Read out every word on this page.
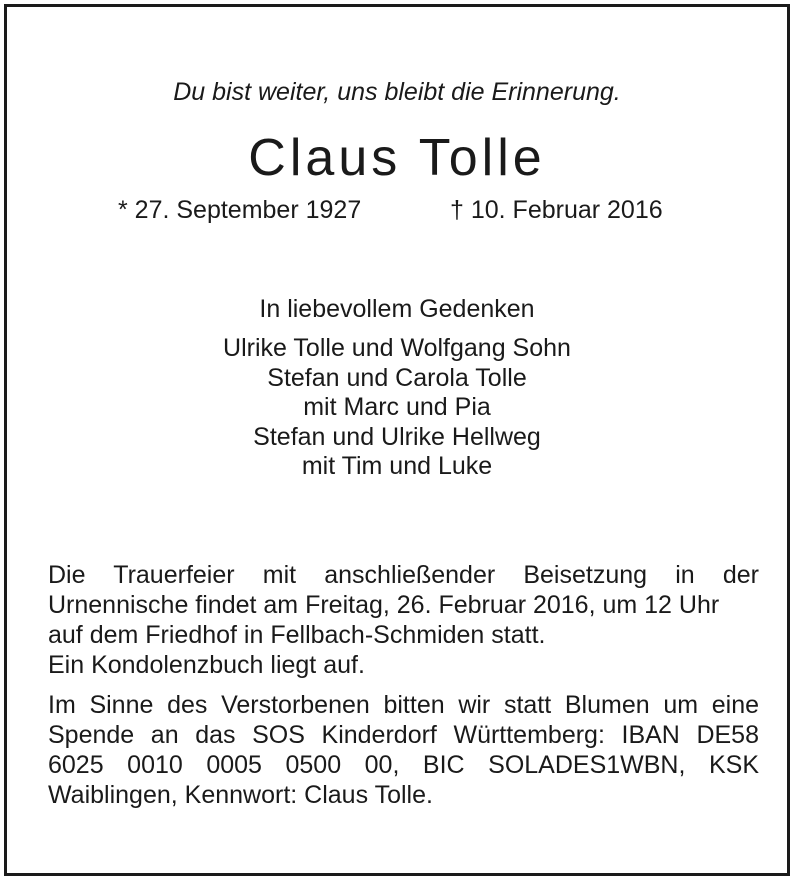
Du bist weiter, uns bleibt die Erinnerung.
Claus Tolle
* 27. September 1927	† 10. Februar 2016
In liebevollem Gedenken
Ulrike Tolle und Wolfgang Sohn
Stefan und Carola Tolle
mit Marc und Pia
Stefan und Ulrike Hellweg
mit Tim und Luke
Die Trauerfeier mit anschließender Beisetzung in der
Urnennische findet am Freitag, 26. Februar 2016, um 12 Uhr
auf dem Friedhof in Fellbach-Schmiden statt.
Ein Kondolenzbuch liegt auf.
Im Sinne des Verstorbenen bitten wir statt Blumen um eine
Spende an das SOS Kinderdorf Württemberg: IBAN DE58
6025 0010 0005 0500 00, BIC SOLADES1WBN, KSK
Waiblingen, Kennwort: Claus Tolle.
